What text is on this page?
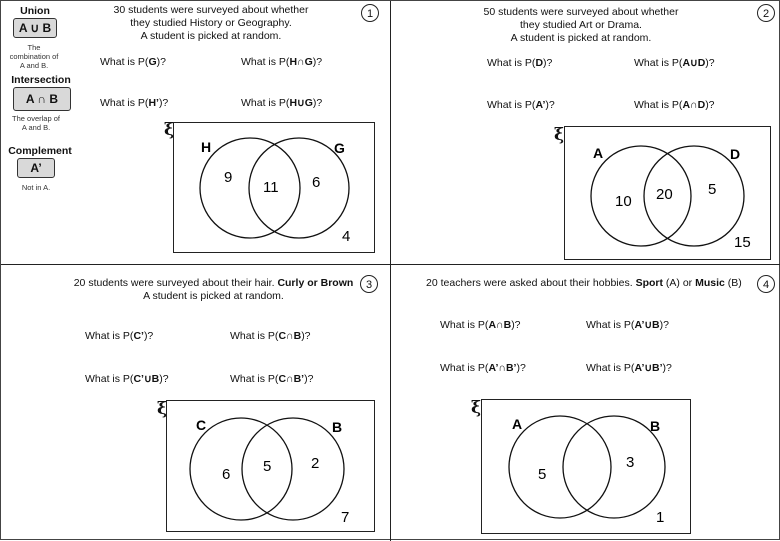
Union
A ∪ B
The combination of A and B.
Intersection
A ∩ B
The overlap of A and B.
Complement
A’
Not in A.
30 students were surveyed about whether
they studied History or Geography.
A student is picked at random.
1
What is P(G)?	What is P(H∩G)?
What is P(H’)?	What is P(H∪G)?
ξ
H	G
9
11 6
4
50 students were surveyed about whether
they studied Art or Drama.
A student is picked at random.
2
What is P(D)?	What is P(A∪D)?
What is P(A’)?	What is P(A∩D)?
ξ
A	D
10 20 5
15
20 students were surveyed about their hair. Curly or Brown
A student is picked at random.
3
What is P(C’)?	What is P(C∩B)?
What is P(C’∪B)?	What is P(C∩B’)?
ξ
C	B
6 5	2
7
20 teachers were asked about their hobbies. Sport (A) or Music (B)	4
What is P(A∩B)?	What is P(A’∪B)?
What is P(A’∩B’)?	What is P(A’∪B’)?
ξ
A	B
5
3
1
